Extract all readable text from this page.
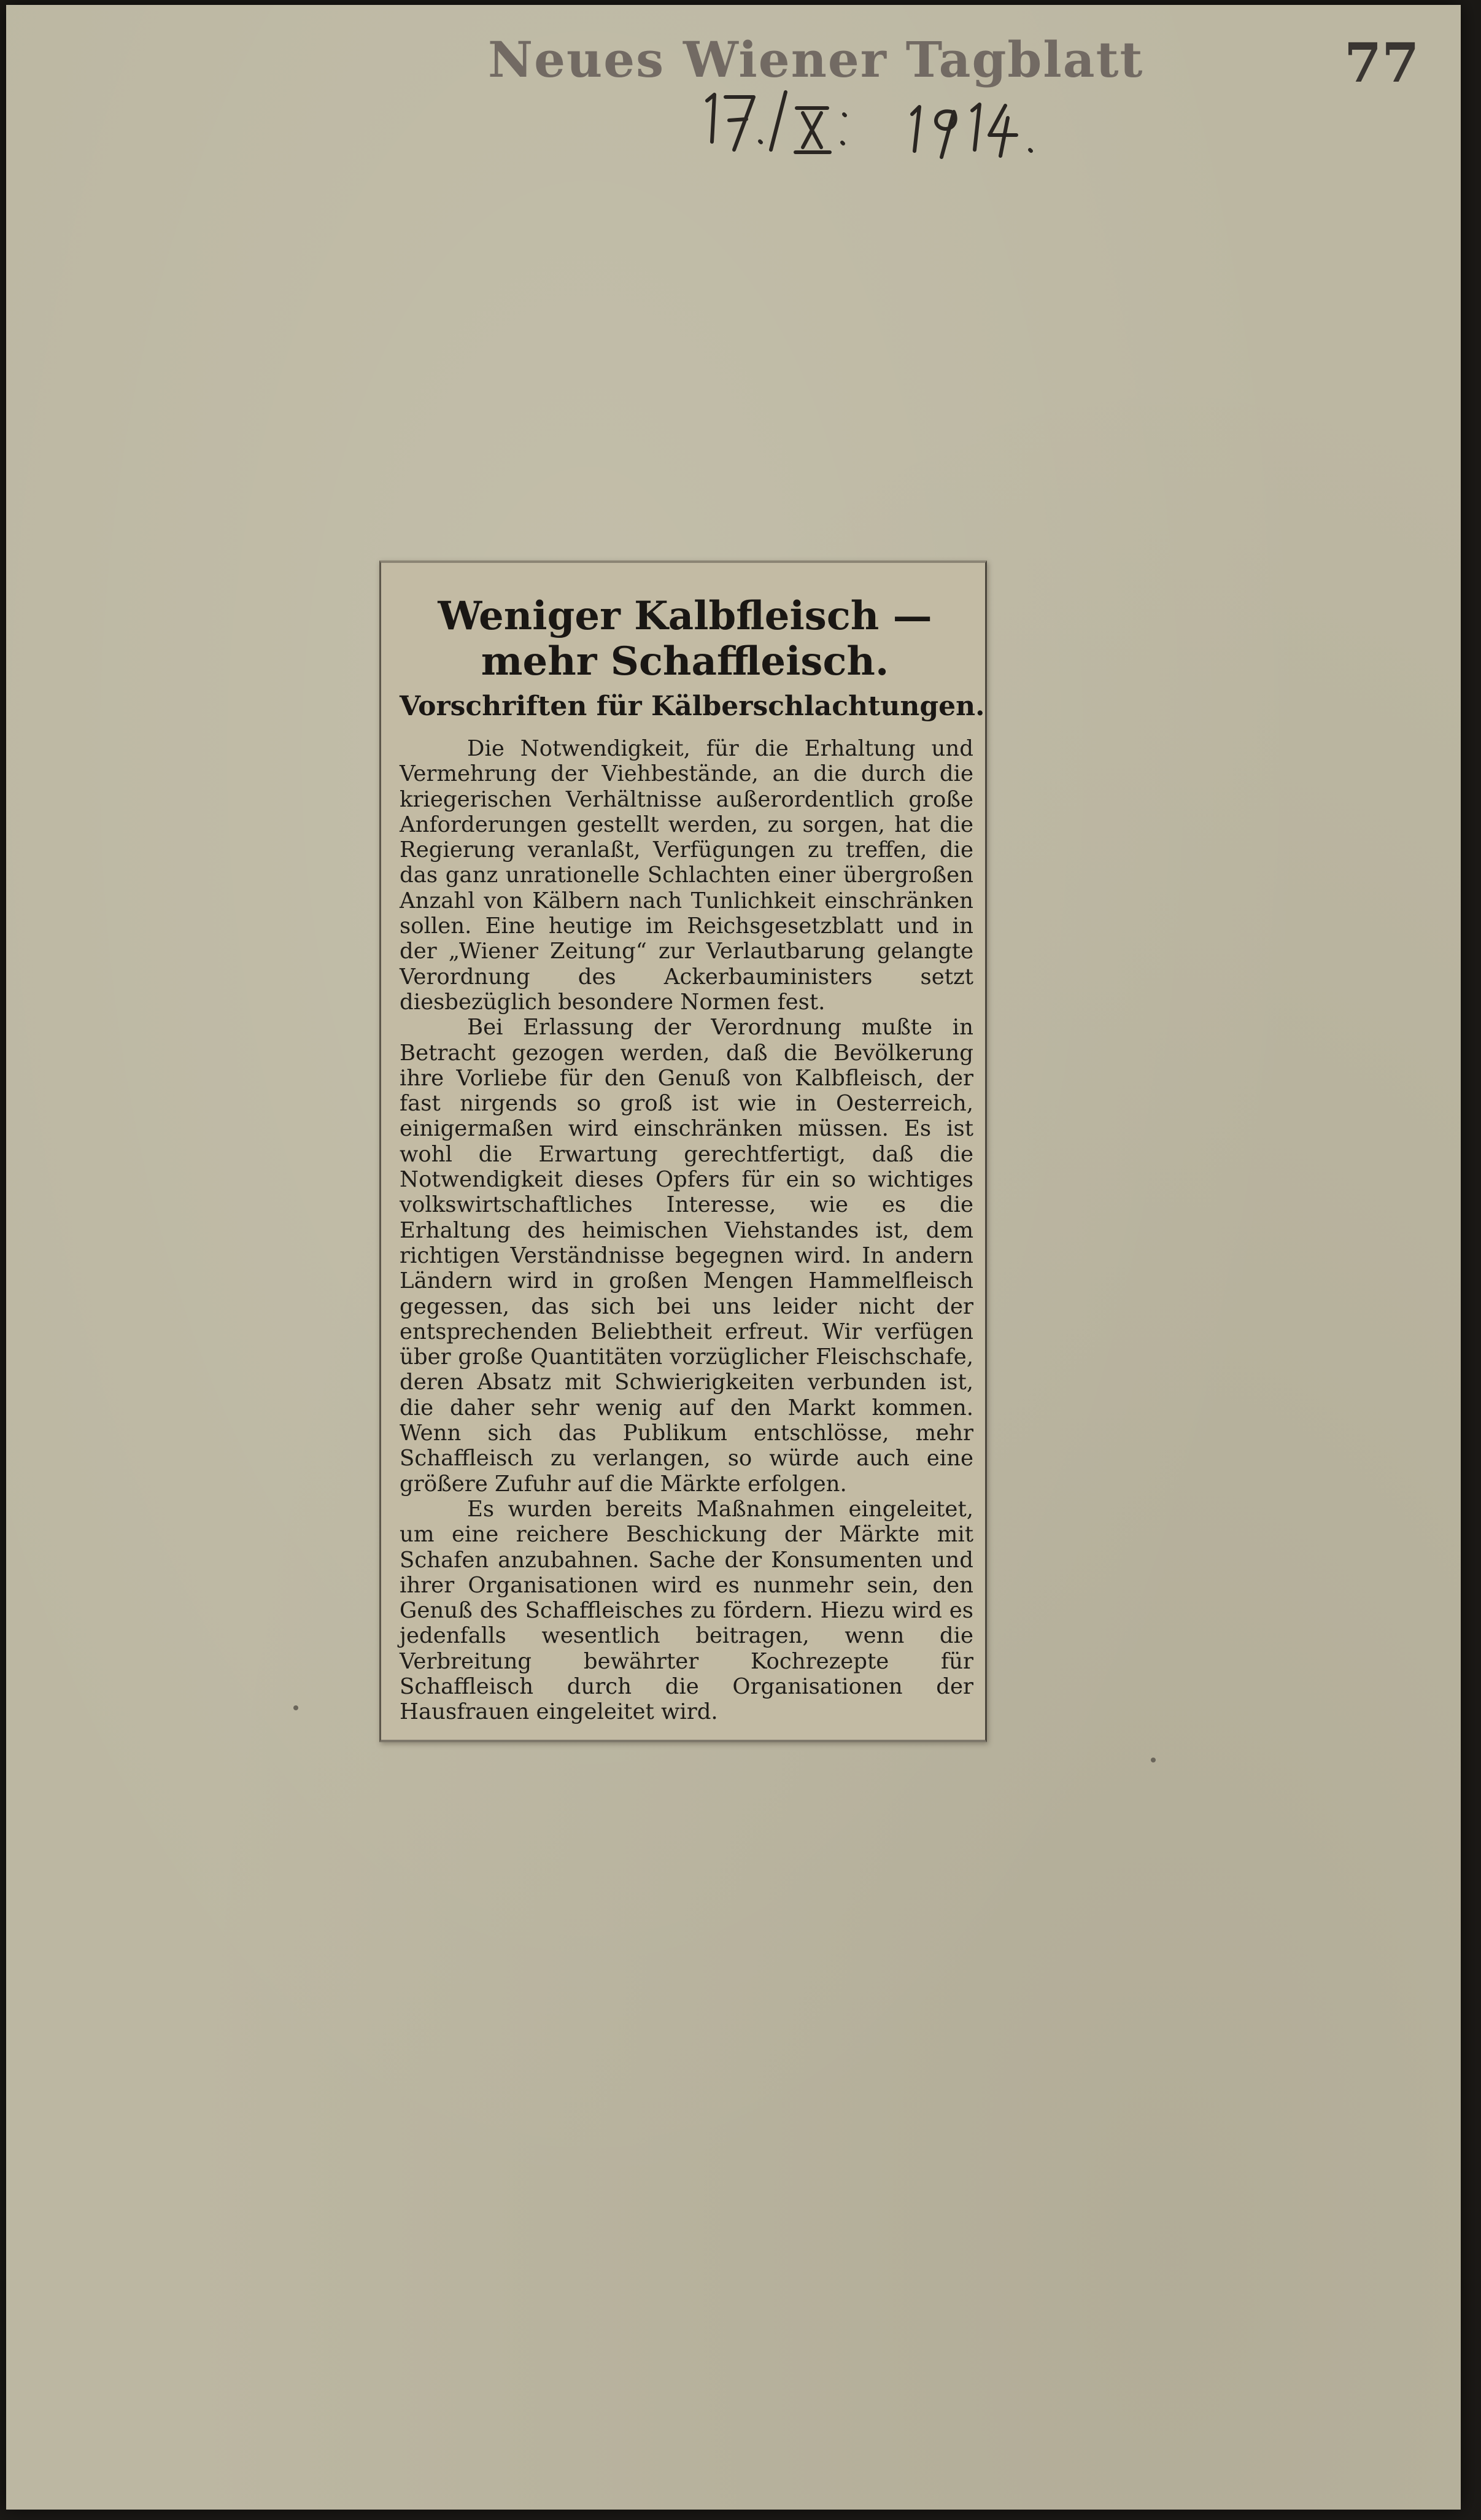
Neues Wiener Tagblatt	77
Weniger Kalbfleisch — mehr Schaffleisch.
Vorschriften für Kälberschlachtungen.

Die Notwendigkeit, für die Erhaltung und Vermehrung der Viehbestände, an die durch die kriegerischen Verhältnisse außerordentlich große Anforderungen gestellt werden, zu sorgen, hat die Regierung veranlaßt, Verfügungen zu treffen, die das ganz unrationelle Schlachten einer übergroßen Anzahl von Kälbern nach Tunlichkeit einschränken sollen. Eine heutige im Reichsgesetzblatt und in der „Wiener Zeitung“ zur Verlautbarung gelangte Verordnung des Ackerbauministers setzt diesbezüglich besondere Normen fest.

Bei Erlassung der Verordnung mußte in Betracht gezogen werden, daß die Bevölkerung ihre Vorliebe für den Genuß von Kalbfleisch, der fast nirgends so groß ist wie in Oesterreich, einigermaßen wird einschränken müssen. Es ist wohl die Erwartung gerechtfertigt, daß die Notwendigkeit dieses Opfers für ein so wichtiges volkswirtschaftliches Interesse, wie es die Erhaltung des heimischen Viehstandes ist, dem richtigen Verständnisse begegnen wird. In andern Ländern wird in großen Mengen Hammelfleisch gegessen, das sich bei uns leider nicht der entsprechenden Beliebtheit erfreut. Wir verfügen über große Quantitäten vorzüglicher Fleischschafe, deren Absatz mit Schwierigkeiten verbunden ist, die daher sehr wenig auf den Markt kommen. Wenn sich das Publikum entschlösse, mehr Schaffleisch zu verlangen, so würde auch eine größere Zufuhr auf die Märkte erfolgen.

Es wurden bereits Maßnahmen eingeleitet, um eine reichere Beschickung der Märkte mit Schafen anzubahnen. Sache der Konsumenten und ihrer Organisationen wird es nunmehr sein, den Genuß des Schaffleisches zu fördern. Hiezu wird es jedenfalls wesentlich beitragen, wenn die Verbreitung bewährter Kochrezepte für Schaffleisch durch die Organisationen der Hausfrauen eingeleitet wird.
